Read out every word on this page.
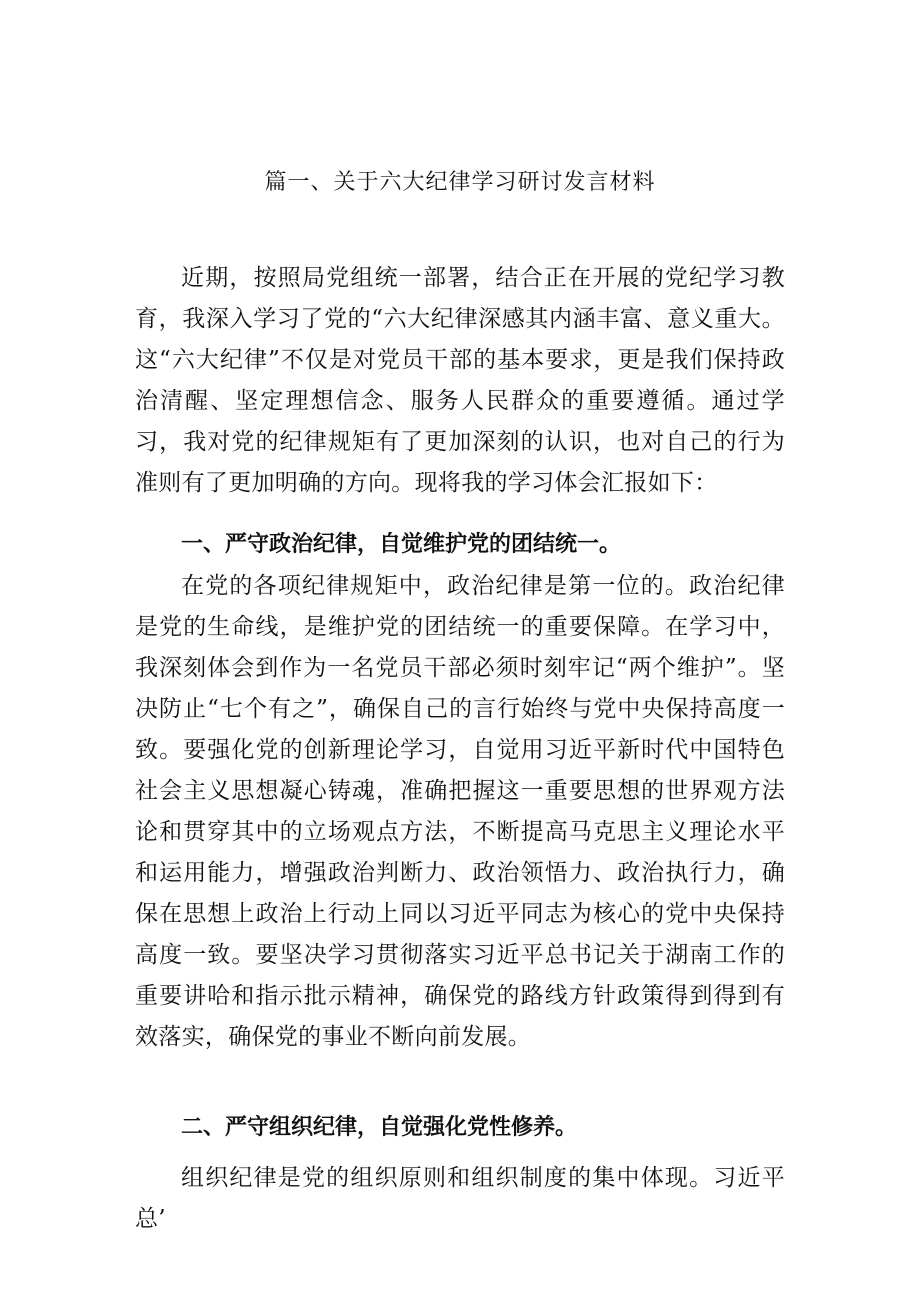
篇一、关于六大纪律学习研讨发言材料

近期，按照局党组统一部署，结合正在开展的党纪学习教育，我深入学习了党的“六大纪律深感其内涵丰富、意义重大。这“六大纪律”不仅是对党员干部的基本要求，更是我们保持政治清醒、坚定理想信念、服务人民群众的重要遵循。通过学习，我对党的纪律规矩有了更加深刻的认识，也对自己的行为准则有了更加明确的方向。现将我的学习体会汇报如下：

一、严守政治纪律，自觉维护党的团结统一。

在党的各项纪律规矩中，政治纪律是第一位的。政治纪律是党的生命线，是维护党的团结统一的重要保障。在学习中，我深刻体会到作为一名党员干部必须时刻牢记“两个维护”。坚决防止“七个有之”，确保自己的言行始终与党中央保持高度一致。要强化党的创新理论学习，自觉用习近平新时代中国特色社会主义思想凝心铸魂，准确把握这一重要思想的世界观方法论和贯穿其中的立场观点方法，不断提高马克思主义理论水平和运用能力，增强政治判断力、政治领悟力、政治执行力，确保在思想上政治上行动上同以习近平同志为核心的党中央保持高度一致。要坚决学习贯彻落实习近平总书记关于湖南工作的重要讲哈和指示批示精神，确保党的路线方针政策得到得到有效落实，确保党的事业不断向前发展。

二、严守组织纪律，自觉强化党性修养。

组织纪律是党的组织原则和组织制度的集中体现。习近平总’
